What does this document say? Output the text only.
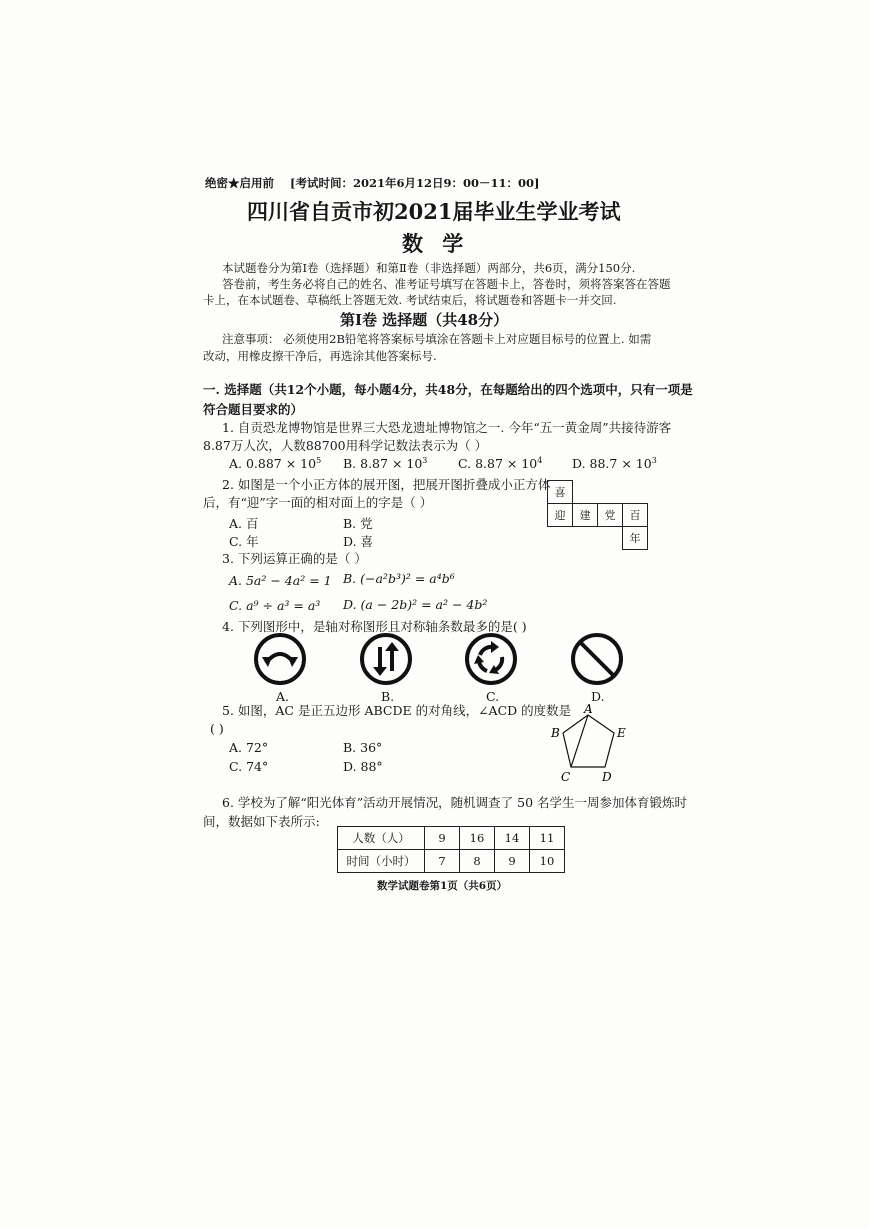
绝密★启用前 [考试时间：2021年6月12日9：00－11：00]
四川省自贡市初2021届毕业生学业考试
数 学
本试题卷分为第Ⅰ卷（选择题）和第Ⅱ卷（非选择题）两部分，共6页，满分150分.
答卷前，考生务必将自己的姓名、准考证号填写在答题卡上，答卷时，须将答案答在答题
卡上，在本试题卷、草稿纸上答题无效. 考试结束后，将试题卷和答题卡一并交回.
第Ⅰ卷 选择题（共48分）
注意事项： 必须使用2B铅笔将答案标号填涂在答题卡上对应题目标号的位置上. 如需
改动，用橡皮擦干净后，再选涂其他答案标号.
一. 选择题（共12个小题，每小题4分，共48分，在每题给出的四个选项中，只有一项是
符合题目要求的）
1. 自贡恐龙博物馆是世界三大恐龙遗址博物馆之一. 今年“五一黄金周”共接待游客
8.87万人次，人数88700用科学记数法表示为（ ）
A. $0.887 \times 10^5$ B. $8.87 \times 10^3$ C. $8.87 \times 10^4$ D. $88.7 \times 10^3$
2. 如图是一个小正方体的展开图，把展开图折叠成小正方体
后，有“迎”字一面的相对面上的字是（ ）
A. 百	B. 党
C. 年	D. 喜
喜			
迎	建	党	百
			年
3. 下列运算正确的是（ ）
A. 5a² − 4a² = 1 B. (−a²b³)² = a⁴b⁶
C. a⁹ ÷ a³ = a³ D. (a − 2b)² = a² − 4b²
4. 下列图形中，是轴对称图形且对称轴条数最多的是( )
A.	B.	C.	D.
5. 如图，AC 是正五边形 ABCDE 的对角线，∠ACD 的度数是
( )
A. 72°	B. 36°
C. 74°	D. 88°
A
B
C	D
E
6. 学校为了解“阳光体育”活动开展情况，随机调查了 50 名学生一周参加体育锻炼时
间，数据如下表所示:
人数（人）	9	16	14	11
时间（小时）	7	8	9	10
数学试题卷第1页（共6页）
